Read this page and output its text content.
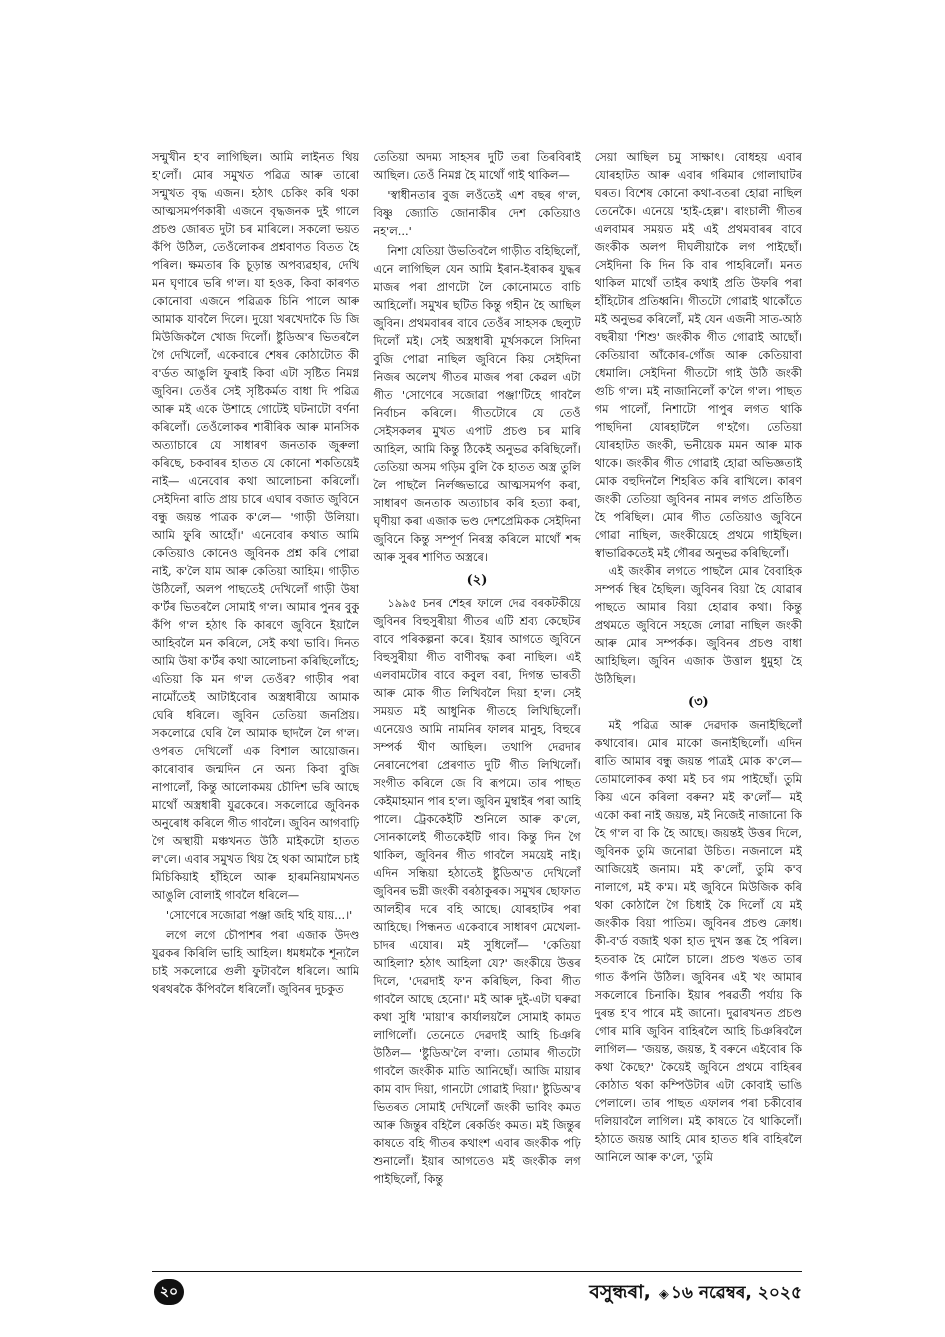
সন্মুখীন হ'ব লাগিছিল। আমি লাইনত থিয় হ'লোঁ। মোৰ সমুখত পৱিত্ৰ আৰু তাৰো সন্মুখত বৃদ্ধ এজন। হঠাৎ চেকিং কৰি থকা আত্মসমৰ্পণকাৰী এজনে বৃদ্ধজনক দুই গালে প্ৰচণ্ড জোৰত দুটা চৰ মাৰিলে। সকলো ভয়ত কঁপি উঠিল, তেওঁলোকৰ প্ৰশ্নবাণত বিতত হৈ পৰিল। ক্ষমতাৰ কি চূড়ান্ত অপব্যৱহাৰ, দেখি মন ঘৃণাৰে ভৰি গ'ল। যা হওক, কিবা কাৰণত কোনোবা এজনে পৱিত্ৰক চিনি পালে আৰু আমাক যাবলৈ দিলে। দুয়ো খৰখেদাকৈ ডি জি মিউজিকলৈ খোজ দিলোঁ। ষ্টুডিঅ'ৰ ভিতৰলৈ গৈ দেখিলোঁ, একেবাৰে শেষৰ কোঠাটোত কী ব'ৰ্ডত আঙুলি ফুৰাই কিবা এটা সৃষ্টিত নিমগ্ন জুবিন। তেওঁৰ সেই সৃষ্টিকৰ্মত বাধা দি পৱিত্ৰ আৰু মই একে উশাহে গোটেই ঘটনাটো বৰ্ণনা কৰিলোঁ। তেওঁলোকৰ শাৰীৰিক আৰু মানসিক অত্যাচাৰে যে সাধাৰণ জনতাক জুৰুলা কৰিছে, চকবাৰৰ হাতত যে কোনো শকতিয়েই নাই— এনেবোৰ কথা আলোচনা কৰিলোঁ। সেইদিনা ৰাতি প্ৰায় চাৰে এঘাৰ বজাত জুবিনে বন্ধু জয়ন্ত পাত্ৰক ক'লে— 'গাড়ী উলিয়া। আমি ফুৰি আহোঁ।' এনেবোৰ কথাত আমি কেতিয়াও কোনেও জুবিনক প্ৰশ্ন কৰি পোৱা নাই, ক'লৈ যাম আৰু কেতিয়া আহিম। গাড়ীত উঠিলোঁ, অলপ পাছতেই দেখিলোঁ গাড়ী উষা ক'ৰ্টৰ ভিতৰলৈ সোমাই গ'ল। আমাৰ পুনৰ বুকু কঁপি গ'ল হঠাৎ কি কাৰণে জুবিনে ইয়ালৈ আহিবলৈ মন কৰিলে, সেই কথা ভাবি। দিনত আমি উষা ক'ৰ্টৰ কথা আলোচনা কৰিছিলোঁহে; এতিয়া কি মন গ'ল তেওঁৰ? গাড়ীৰ পৰা নামোঁতেই আটাইবোৰ অস্ত্ৰধাৰীয়ে আমাক ঘেৰি ধৰিলে। জুবিন তেতিয়া জনপ্ৰিয়। সকলোৱে ঘেৰি লৈ আমাক ছাদলৈ লৈ গ'ল। ওপৰত দেখিলোঁ এক বিশাল আয়োজন। কাৰোবাৰ জন্মদিন নে অন্য কিবা বুজি নাপালোঁ, কিন্তু আলোকময় চৌদিশ ভৰি আছে মাথোঁ অস্ত্ৰধাৰী যুৱকেৰে। সকলোৱে জুবিনক অনুৰোধ কৰিলে গীত গাবলৈ। জুবিন আগবাঢ়ি গৈ অস্থায়ী মঞ্চখনত উঠি মাইকটো হাতত ল'লে। এবাৰ সমুখত থিয় হৈ থকা আমালৈ চাই মিচিকিয়াই হাঁহিলে আৰু হাৰমনিয়ামখনত আঙুলি বোলাই গাবলৈ ধৰিলে—

'সোণেৰে সজোৱা পঞ্জা জহি খহি যায়...।'

লগে লগে চৌপাশৰ পৰা এজাক উদণ্ড যুৱকৰ কিৰিলি ভাহি আহিল। ধমধমকৈ শূন্যলৈ চাই সকলোৱে গুলী ফুটাবলৈ ধৰিলে। আমি থৰথৰকৈ কঁপিবলৈ ধৰিলোঁ। জুবিনৰ দুচকুত

তেতিয়া অদম্য সাহসৰ দুটি তৰা তিৰবিৰাই আছিল। তেওঁ নিমগ্ন হৈ মাথোঁ গাই থাকিল—

'স্বাধীনতাৰ বুজ লওঁতেই এশ বছৰ গ'ল, বিষ্ণু জ্যোতি জোনাকীৰ দেশ কেতিয়াও নহ'ল...'

নিশা যেতিয়া উভতিবলৈ গাড়ীত বহিছিলোঁ, এনে লাগিছিল যেন আমি ইৰান-ইৰাকৰ যুদ্ধৰ মাজৰ পৰা প্ৰাণটো লৈ কোনোমতে বাচি আহিলোঁ। সমুখৰ ছটিত কিন্তু গহীন হৈ আছিল জুবিন। প্ৰথমবাৰৰ বাবে তেওঁৰ সাহসক ছেল্যুট দিলোঁ মই। সেই অস্ত্ৰধাৰী মূৰ্খসকলে সিদিনা বুজি পোৱা নাছিল জুবিনে কিয় সেইদিনা নিজৰ অলেখ গীতৰ মাজৰ পৰা কেৱল এটা গীত 'সোণেৰে সজোৱা পঞ্জা'টিহে গাবলৈ নিৰ্বাচন কৰিলে। গীতটোৰে যে তেওঁ সেইসকলৰ মুখত এপাট প্ৰচণ্ড চৰ মাৰি আহিল, আমি কিন্তু ঠিকেই অনুভৱ কৰিছিলোঁ। তেতিয়া অসম গড়িম বুলি কৈ হাতত অস্ত্ৰ তুলি লৈ পাছলৈ নিৰ্লজ্জভাৱে আত্মসমৰ্পণ কৰা, সাধাৰণ জনতাক অত্যাচাৰ কৰি হত্যা কৰা, ঘৃণীয়া কৰা এজাক ভণ্ড দেশপ্ৰেমিকক সেইদিনা জুবিনে কিন্তু সম্পূৰ্ণ নিৰস্ত্ৰ কৰিলে মাথোঁ শব্দ আৰু সুৰৰ শাণিত অস্ত্ৰৰে।

(২)

১৯৯৫ চনৰ শেহৰ ফালে দেৱ বৰকটকীয়ে জুবিনৰ বিহুসুৰীয়া গীতৰ এটি শ্ৰব্য কেছেটৰ বাবে পৰিকল্পনা কৰে। ইয়াৰ আগতে জুবিনে বিহুসুৰীয়া গীত বাণীবদ্ধ কৰা নাছিল। এই এলবামটোৰ বাবে কবুল বৰা, দিগন্ত ভাৰতী আৰু মোক গীত লিখিবলৈ দিয়া হ'ল। সেই সময়ত মই আধুনিক গীতহে লিখিছিলোঁ। এনেয়েও আমি নামনিৰ ফালৰ মানুহ, বিহুৰে সম্পৰ্ক খীণ আছিল। তথাপি দেৱদাৰ নেৰানেপেৰা প্ৰেৰণাত দুটি গীত লিখিলোঁ। সংগীত কৰিলে জে বি ৰূপমে। তাৰ পাছত কেইমাহমান পাৰ হ'ল। জুবিন মুম্বাইৰ পৰা আহি পালে। ট্ৰেককেইটি শুনিলে আৰু ক'লে, সোনকালেই গীতকেইটি গাব। কিন্তু দিন গৈ থাকিল, জুবিনৰ গীত গাবলৈ সময়েই নাই। এদিন সন্ধিয়া হঠাতেই ষ্টুডিঅ'ত দেখিলোঁ জুবিনৰ ভগ্নী জংকী বৰঠাকুৰক। সমুখৰ ছোফাত আলহীৰ দৰে বহি আছে। যোৰহাটৰ পৰা আহিছে। পিন্ধনত একেবাৰে সাধাৰণ মেখেলা-চাদৰ এযোৰ। মই সুধিলোঁ— 'কেতিয়া আহিলা? হঠাৎ আহিলা যে?' জংকীয়ে উত্তৰ দিলে, 'দেৱদাই ফ'ন কৰিছিল, কিবা গীত গাবলৈ আছে হেনো।' মই আৰু দুই-এটা ঘৰুৱা কথা সুধি 'মায়া'ৰ কাৰ্যালয়লৈ সোমাই কামত লাগিলোঁ। তেনেতে দেৱদাই আহি চিঞৰি উঠিল— 'ষ্টুডিঅ'লৈ ব'লা। তোমাৰ গীতটো গাবলৈ জংকীক মাতি আনিছোঁ। আজি মায়াৰ কাম বাদ দিয়া, গানটো গোৱাই দিয়া।' ষ্টুডিঅ'ৰ ভিতৰত সোমাই দেখিলোঁ জংকী ভাবিং কমত আৰু জিন্তুৰ বহিলৈ ৰেকৰ্ডিং কমত। মই জিন্তুৰ কাষতে বহি গীতৰ কথাংশ এবাৰ জংকীক পঢ়ি শুনালোঁ। ইয়াৰ আগতেও মই জংকীক লগ পাইছিলোঁ, কিন্তু

সেয়া আছিল চমু সাক্ষাৎ। বোধহয় এবাৰ যোৰহাটত আৰু এবাৰ গৰিমাৰ গোলাঘাটৰ ঘৰত। বিশেষ কোনো কথা-বতৰা হোৱা নাছিল তেনেকৈ। এনেয়ে 'হাই-হেল্ল'। ৰাংচালী গীতৰ এলবামৰ সময়ত মই এই প্ৰথমবাৰৰ বাবে জংকীক অলপ দীঘলীয়াকৈ লগ পাইছোঁ। সেইদিনা কি দিন কি বাৰ পাহৰিলোঁ। মনত থাকিল মাথোঁ তাইৰ কথাই প্ৰতি উফৰি পৰা হাঁহিটোৰ প্ৰতিধ্বনি। গীতটো গোৱাই থাকোঁতে মই অনুভৱ কৰিলোঁ, মই যেন এজনী সাত-আঠ বছৰীয়া 'শিশু' জংকীক গীত গোৱাই আছোঁ। কেতিয়াবা আঁকোৰ-গোঁজ আৰু কেতিয়াবা ধেমালি। সেইদিনা গীতটো গাই উঠি জংকী গুচি গ'ল। মই নাজানিলোঁ ক'লৈ গ'ল। পাছত গম পালোঁ, নিশাটো পাপুৰ লগত থাকি পাছদিনা যোৰহাটলৈ গ'হগৈ। তেতিয়া যোৰহাটত জংকী, ভনীয়েক মমন আৰু মাক থাকে। জংকীৰ গীত গোৱাই হোৱা অভিজ্ঞতাই মোক বহুদিনলৈ শিহৰিত কৰি ৰাখিলে। কাৰণ জংকী তেতিয়া জুবিনৰ নামৰ লগত প্ৰতিষ্ঠিত হৈ পৰিছিল। মোৰ গীত তেতিয়াও জুবিনে গোৱা নাছিল, জংকীয়েহে প্ৰথমে গাইছিল। স্বাভাৱিকতেই মই গৌৰৱ অনুভৱ কৰিছিলোঁ।

এই জংকীৰ লগতে পাছলৈ মোৰ বৈবাহিক সম্পৰ্ক স্থিৰ হৈছিল। জুবিনৰ বিয়া হৈ যোৱাৰ পাছতে আমাৰ বিয়া হোৱাৰ কথা। কিন্তু প্ৰথমতে জুবিনে সহজে লোৱা নাছিল জংকী আৰু মোৰ সম্পৰ্কক। জুবিনৰ প্ৰচণ্ড বাধা আহিছিল। জুবিন এজাক উত্তাল ধুমুহা হৈ উঠিছিল।

(৩)

মই পৱিত্ৰ আৰু দেৱদাক জনাইছিলোঁ কথাবোৰ। মোৰ মাকো জনাইছিলোঁ। এদিন ৰাতি আমাৰ বন্ধু জয়ন্ত পাত্ৰই মোক ক'লে— তোমালোকৰ কথা মই চব গম পাইছোঁ। তুমি কিয় এনে কৰিলা বৰুন? মই ক'লোঁ— মই একো কৰা নাই জয়ন্ত, মই নিজেই নাজানো কি হৈ গ'ল বা কি হৈ আছে। জয়ন্তই উত্তৰ দিলে, জুবিনক তুমি জনোৱা উচিত। নজনালে মই আজিয়েই জনাম। মই ক'লোঁ, তুমি ক'ব নালাগে, মই ক'ম। মই জুবিনে মিউজিক কৰি থকা কোঠালৈ গৈ চিধাই কৈ দিলোঁ যে মই জংকীক বিয়া পাতিম। জুবিনৰ প্ৰচণ্ড ক্ৰোধ। কী-ব'ৰ্ড বজাই থকা হাত দুখন স্তব্ধ হৈ পৰিল। হতবাক হৈ মোলৈ চালে। প্ৰচণ্ড খঙত তাৰ গাত কঁপনি উঠিল। জুবিনৰ এই খং আমাৰ সকলোৰে চিনাকি। ইয়াৰ পৰৱৰ্তী পৰ্যায় কি দুৰন্ত হ'ব পাৰে মই জানো। দুৱাৰখনত প্ৰচণ্ড গোৰ মাৰি জুবিন বাহিৰলৈ আহি চিঞৰিবলৈ লাগিল— 'জয়ন্ত, জয়ন্ত, ই বৰুনে এইবোৰ কি কথা কৈছে?' কৈয়েই জুবিনে প্ৰথমে বাহিৰৰ কোঠাত থকা কম্পিউটাৰ এটা কোবাই ভাঙি পেলালে। তাৰ পাছত এফালৰ পৰা চকীবোৰ দলিয়াবলৈ লাগিল। মই কাষতে বৈ থাকিলোঁ। হঠাতে জয়ন্ত আহি মোৰ হাতত ধৰি বাহিৰলৈ আনিলে আৰু ক'লে, 'তুমি

২০	বসুন্ধৰা, ◈ ১৬ নৱেম্বৰ, ২০২৫
